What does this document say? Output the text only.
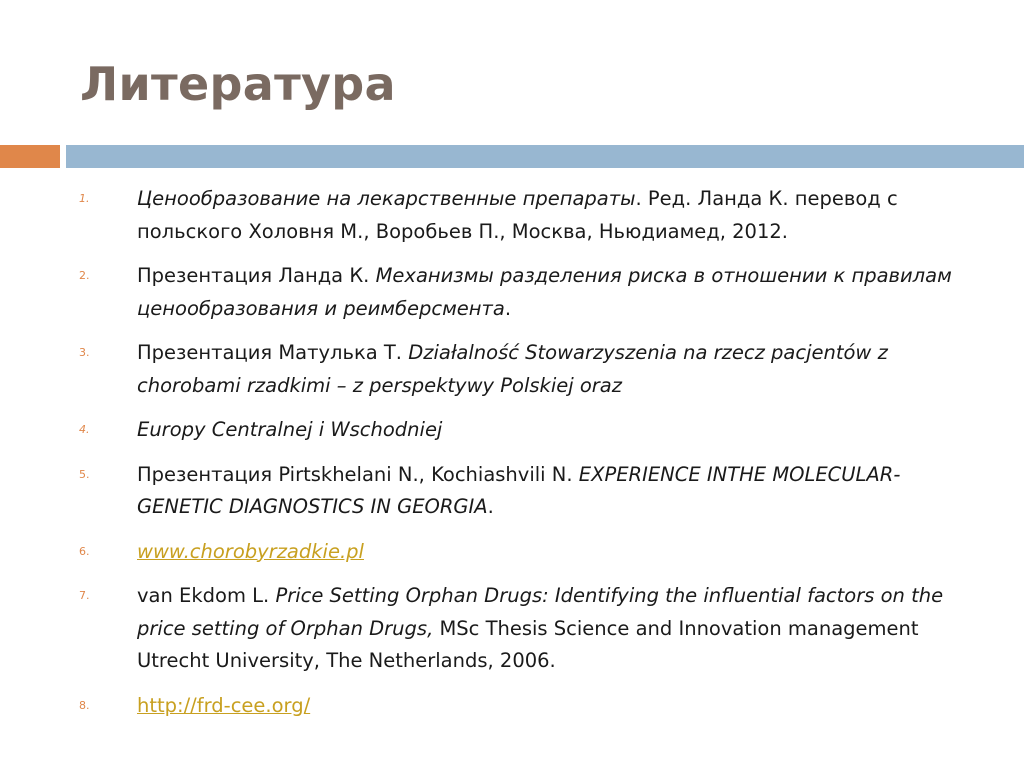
Литература
1. Ценообразование на лекарственные препараты. Ред. Ланда К. перевод с польского Холовня М., Воробьев П., Москва, Ньюдиамед, 2012.
2. Презентация Ланда К. Механизмы разделения риска в отношении к правилам ценообразования и реимберсмента.
3. Презентация Матулька Т. Działalność Stowarzyszenia na rzecz pacjentów z chorobami rzadkimi – z perspektywy Polskiej oraz
4. Europy Centralnej i Wschodniej
5. Презентация Pirtskhelani N., Kochiashvili N. EXPERIENCE INTHE MOLECULAR-GENETIC DIAGNOSTICS IN GEORGIA.
6. www.chorobyrzadkie.pl
7. van Ekdom L. Price Setting Orphan Drugs: Identifying the influential factors on the price setting of Orphan Drugs, MSc Thesis Science and Innovation management Utrecht University, The Netherlands, 2006.
8. http://frd-cee.org/
